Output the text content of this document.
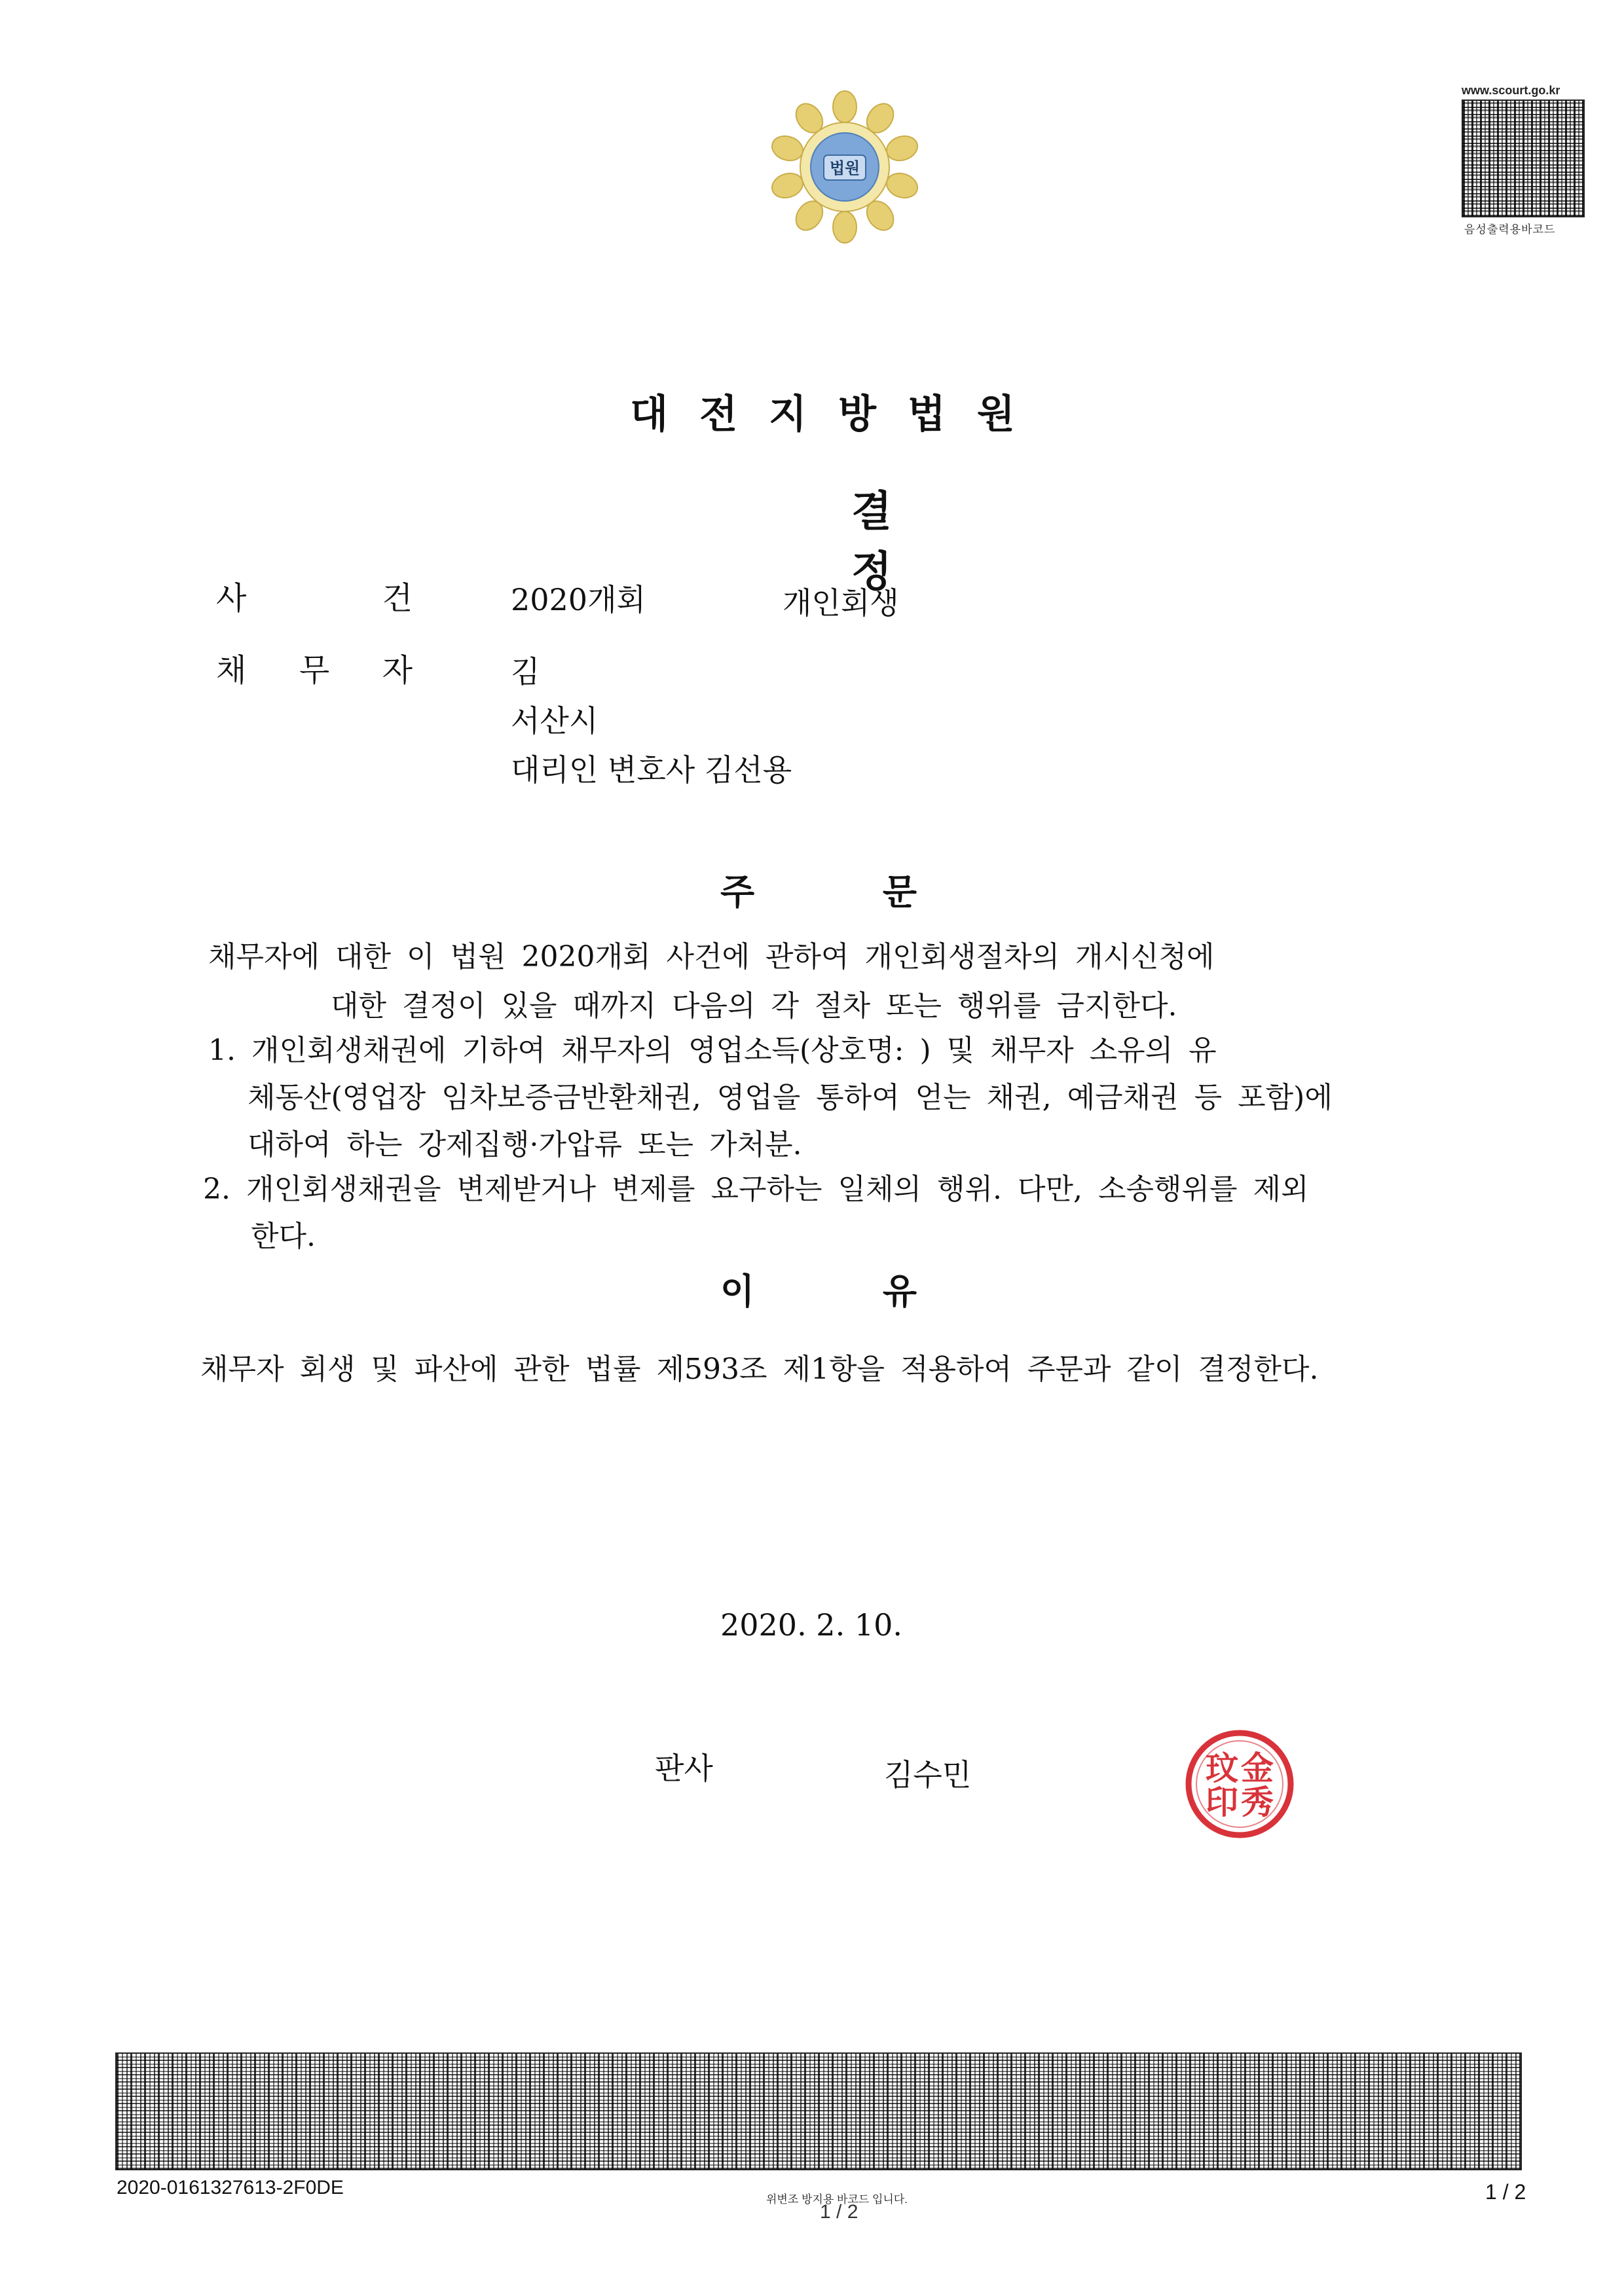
법원
www.scourt.go.kr
음성출력용바코드
대전지방법원
결정
사	건	2020개회	개인회생
채 무 자	김
서산시
대리인 변호사 김선용
주	문
채무자에 대한 이 법원 2020개회 사건에 관하여 개인회생절차의 개시신청에
대한 결정이 있을 때까지 다음의 각 절차 또는 행위를 금지한다.
1. 개인회생채권에 기하여 채무자의 영업소득(상호명: ) 및 채무자 소유의 유
체동산(영업장 임차보증금반환채권, 영업을 통하여 얻는 채권, 예금채권 등 포함)에
대하여 하는 강제집행·가압류 또는 가처분.
2. 개인회생채권을 변제받거나 변제를 요구하는 일체의 행위. 다만, 소송행위를 제외
한다.
이	유
채무자 회생 및 파산에 관한 법률 제593조 제1항을 적용하여 주문과 같이 결정한다.
2020. 2. 10.
판사	김수민	金
秀
玟
印
2020-0161327613-2F0DE
위변조 방지용 바코드 입니다.
1 / 2
1 / 2
